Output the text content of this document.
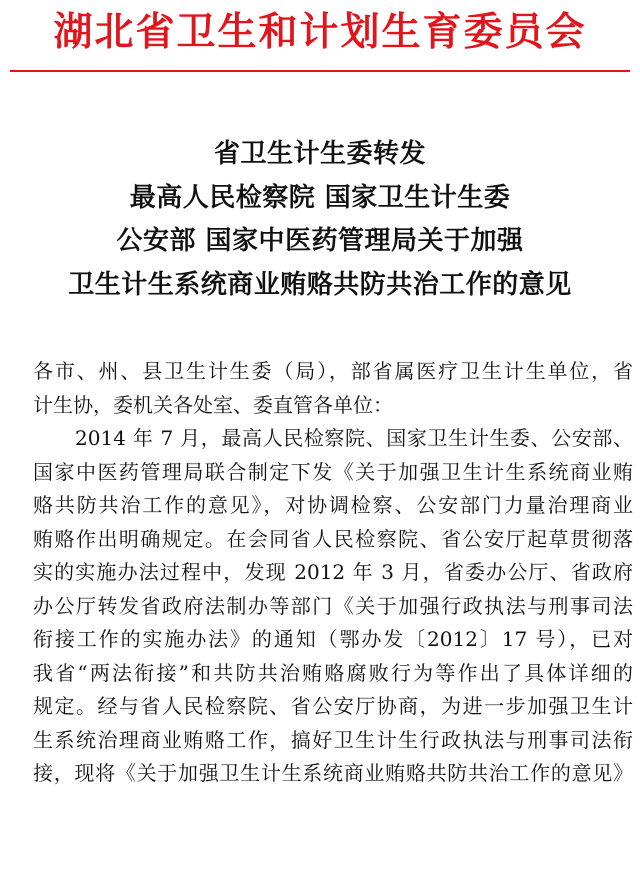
湖北省卫生和计划生育委员会
省卫生计生委转发
最高人民检察院 国家卫生计生委
公安部 国家中医药管理局关于加强
卫生计生系统商业贿赂共防共治工作的意见
各市、州、县卫生计生委（局），部省属医疗卫生计生单位，省
计生协，委机关各处室、委直管各单位：
2014 年 7 月，最高人民检察院、国家卫生计生委、公安部、
国家中医药管理局联合制定下发《关于加强卫生计生系统商业贿
赂共防共治工作的意见》，对协调检察、公安部门力量治理商业
贿赂作出明确规定。在会同省人民检察院、省公安厅起草贯彻落
实的实施办法过程中，发现 2012 年 3 月，省委办公厅、省政府
办公厅转发省政府法制办等部门《关于加强行政执法与刑事司法
衔接工作的实施办法》的通知（鄂办发〔2012〕17 号），已对
我省“两法衔接”和共防共治贿赂腐败行为等作出了具体详细的
规定。经与省人民检察院、省公安厅协商，为进一步加强卫生计
生系统治理商业贿赂工作，搞好卫生计生行政执法与刑事司法衔
接，现将《关于加强卫生计生系统商业贿赂共防共治工作的意见》
